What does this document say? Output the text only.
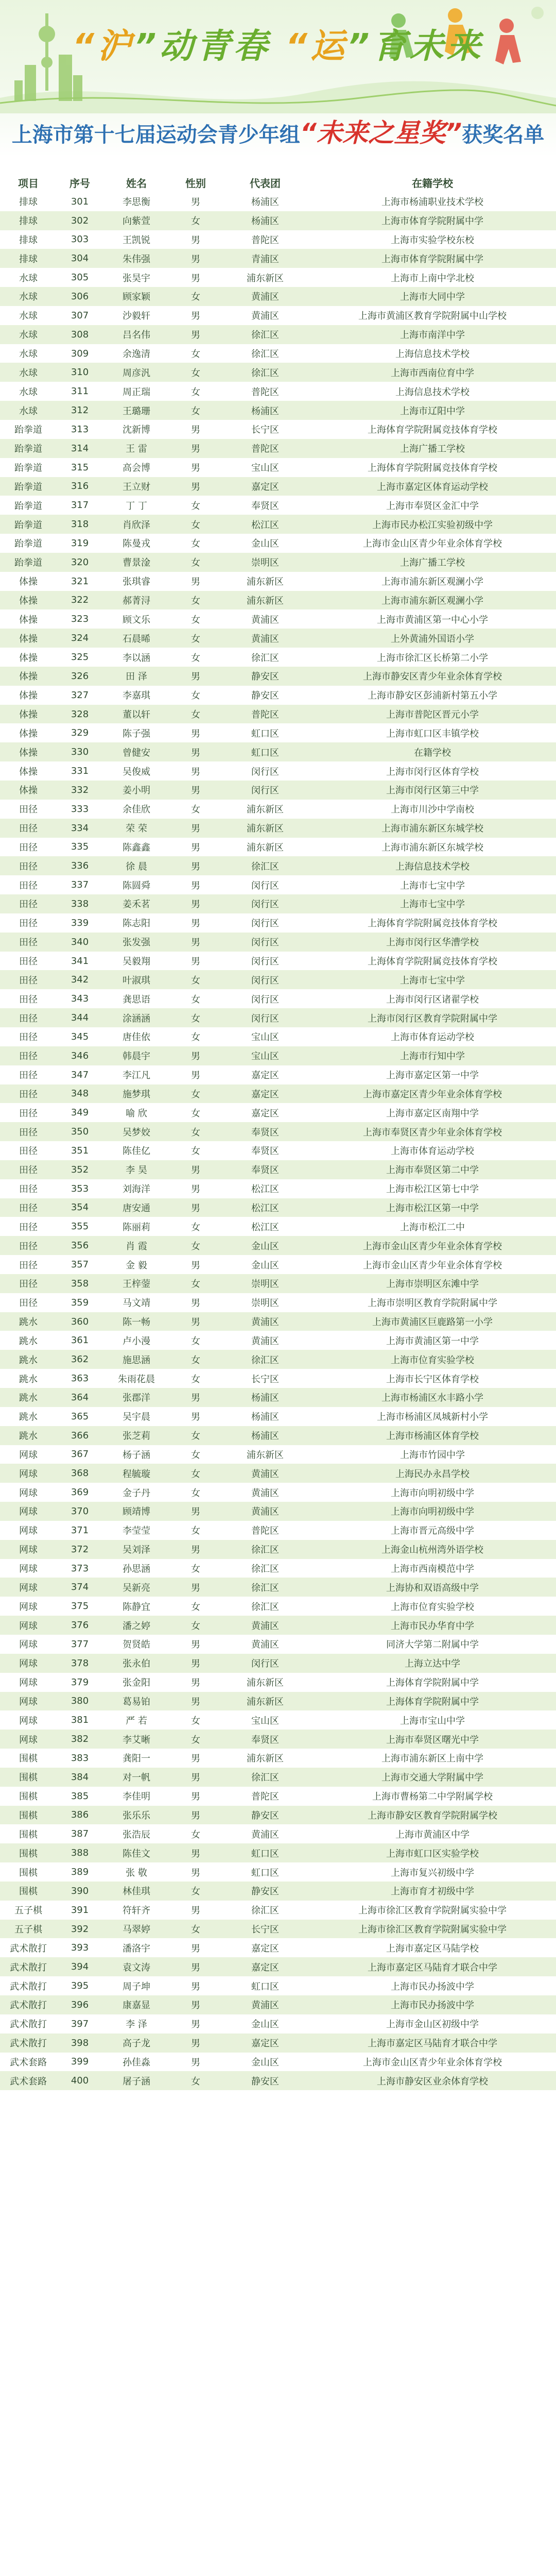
“沪”动青春 “运”育未来
上海市第十七届运动会青少年组“未来之星奖”获奖名单
项目	序号	姓名	性别	代表团	在籍学校
排球	301	李思衡	男	杨浦区	上海市杨浦职业技术学校
排球	302	向紫萱	女	杨浦区	上海市体育学院附属中学
排球	303	王凯锐	男	普陀区	上海市实验学校东校
排球	304	朱伟强	男	青浦区	上海市体育学院附属中学
水球	305	张昊宇	男	浦东新区	上海市上南中学北校
水球	306	顾家颖	女	黄浦区	上海市大同中学
水球	307	沙毅轩	男	黄浦区	上海市黄浦区教育学院附属中山学校
水球	308	吕名伟	男	徐汇区	上海市南洋中学
水球	309	余逸清	女	徐汇区	上海信息技术学校
水球	310	周彦汎	女	徐汇区	上海市西南位育中学
水球	311	周正瑞	女	普陀区	上海信息技术学校
水球	312	王璐珊	女	杨浦区	上海市辽阳中学
跆拳道	313	沈新博	男	长宁区	上海体育学院附属竞技体育学校
跆拳道	314	王 雷	男	普陀区	上海广播工学校
跆拳道	315	高会博	男	宝山区	上海体育学院附属竞技体育学校
跆拳道	316	王立财	男	嘉定区	上海市嘉定区体育运动学校
跆拳道	317	丁 丁	女	奉贤区	上海市奉贤区金汇中学
跆拳道	318	肖欣泽	女	松江区	上海市民办松江实验初级中学
跆拳道	319	陈曼戎	女	金山区	上海市金山区青少年业余体育学校
跆拳道	320	曹景淦	女	崇明区	上海广播工学校
体操	321	张琪睿	男	浦东新区	上海市浦东新区观澜小学
体操	322	郝菁浔	女	浦东新区	上海市浦东新区观澜小学
体操	323	顾文乐	女	黄浦区	上海市黄浦区第一中心小学
体操	324	石晨晞	女	黄浦区	上外黄浦外国语小学
体操	325	李以涵	女	徐汇区	上海市徐汇区长桥第二小学
体操	326	田 泽	男	静安区	上海市静安区青少年业余体育学校
体操	327	李嘉琪	女	静安区	上海市静安区彭浦新村第五小学
体操	328	董以轩	女	普陀区	上海市普陀区晋元小学
体操	329	陈子强	男	虹口区	上海市虹口区丰镇学校
体操	330	曾健安	男	虹口区	在籍学校
体操	331	吴俊威	男	闵行区	上海市闵行区体育学校
体操	332	姜小明	男	闵行区	上海市闵行区第三中学
田径	333	余佳欣	女	浦东新区	上海市川沙中学南校
田径	334	荣 荣	男	浦东新区	上海市浦东新区东城学校
田径	335	陈鑫鑫	男	浦东新区	上海市浦东新区东城学校
田径	336	徐 晨	男	徐汇区	上海信息技术学校
田径	337	陈圆舜	男	闵行区	上海市七宝中学
田径	338	姜禾茗	男	闵行区	上海市七宝中学
田径	339	陈志阳	男	闵行区	上海体育学院附属竞技体育学校
田径	340	张发强	男	闵行区	上海市闵行区华漕学校
田径	341	吴毅翔	男	闵行区	上海体育学院附属竞技体育学校
田径	342	叶淑琪	女	闵行区	上海市七宝中学
田径	343	龚思语	女	闵行区	上海市闵行区诸翟学校
田径	344	涂涵涵	女	闵行区	上海市闵行区教育学院附属中学
田径	345	唐佳依	女	宝山区	上海市体育运动学校
田径	346	韩晨宇	男	宝山区	上海市行知中学
田径	347	李江凡	男	嘉定区	上海市嘉定区第一中学
田径	348	施梦琪	女	嘉定区	上海市嘉定区青少年业余体育学校
田径	349	喻 欣	女	嘉定区	上海市嘉定区南翔中学
田径	350	吴梦姣	女	奉贤区	上海市奉贤区青少年业余体育学校
田径	351	陈佳亿	女	奉贤区	上海市体育运动学校
田径	352	李 昊	男	奉贤区	上海市奉贤区第二中学
田径	353	刘海洋	男	松江区	上海市松江区第七中学
田径	354	唐安通	男	松江区	上海市松江区第一中学
田径	355	陈丽莉	女	松江区	上海市松江二中
田径	356	肖 霞	女	金山区	上海市金山区青少年业余体育学校
田径	357	金 毅	男	金山区	上海市金山区青少年业余体育学校
田径	358	王梓蓥	女	崇明区	上海市崇明区东滩中学
田径	359	马文靖	男	崇明区	上海市崇明区教育学院附属中学
跳水	360	陈一畅	男	黄浦区	上海市黄浦区巨鹿路第一小学
跳水	361	卢小漫	女	黄浦区	上海市黄浦区第一中学
跳水	362	施思涵	女	徐汇区	上海市位育实验学校
跳水	363	朱雨花晨	女	长宁区	上海市长宁区体育学校
跳水	364	张郡洋	男	杨浦区	上海市杨浦区水丰路小学
跳水	365	吴宇晨	男	杨浦区	上海市杨浦区凤城新村小学
跳水	366	张芝莉	女	杨浦区	上海市杨浦区体育学校
网球	367	杨子涵	女	浦东新区	上海市竹园中学
网球	368	程毓璇	女	黄浦区	上海民办永昌学校
网球	369	金子丹	女	黄浦区	上海市向明初级中学
网球	370	顾靖博	男	黄浦区	上海市向明初级中学
网球	371	李莹莹	女	普陀区	上海市晋元高级中学
网球	372	吴刘泽	男	徐汇区	上海金山杭州湾外语学校
网球	373	孙思涵	女	徐汇区	上海市西南模范中学
网球	374	吴新亮	男	徐汇区	上海协和双语高级中学
网球	375	陈静宜	女	徐汇区	上海市位育实验学校
网球	376	潘之婷	女	黄浦区	上海市民办华育中学
网球	377	贺贤皓	男	黄浦区	同济大学第二附属中学
网球	378	张永伯	男	闵行区	上海立达中学
网球	379	张金阳	男	浦东新区	上海体育学院附属中学
网球	380	葛易铂	男	浦东新区	上海体育学院附属中学
网球	381	严 若	女	宝山区	上海市宝山中学
网球	382	李艾晰	女	奉贤区	上海市奉贤区曙光中学
围棋	383	龚阳一	男	浦东新区	上海市浦东新区上南中学
围棋	384	对一帆	男	徐汇区	上海市交通大学附属中学
围棋	385	李佳明	男	普陀区	上海市曹杨第二中学附属学校
围棋	386	张乐乐	男	静安区	上海市静安区教育学院附属学校
围棋	387	张浩辰	女	黄浦区	上海市黄浦区中学
围棋	388	陈佳文	男	虹口区	上海市虹口区实验学校
围棋	389	张 敬	男	虹口区	上海市复兴初级中学
围棋	390	林佳琪	女	静安区	上海市育才初级中学
五子棋	391	符轩齐	男	徐汇区	上海市徐汇区教育学院附属实验中学
五子棋	392	马翠婷	女	长宁区	上海市徐汇区教育学院附属实验中学
武术散打	393	潘洛宇	男	嘉定区	上海市嘉定区马陆学校
武术散打	394	袁文涛	男	嘉定区	上海市嘉定区马陆育才联合中学
武术散打	395	周子坤	男	虹口区	上海市民办扬波中学
武术散打	396	康嘉显	男	黄浦区	上海市民办扬波中学
武术散打	397	李 泽	男	金山区	上海市金山区初级中学
武术散打	398	高子龙	男	嘉定区	上海市嘉定区马陆育才联合中学
武术套路	399	孙佳淼	男	金山区	上海市金山区青少年业余体育学校
武术套路	400	屠子涵	女	静安区	上海市静安区业余体育学校
